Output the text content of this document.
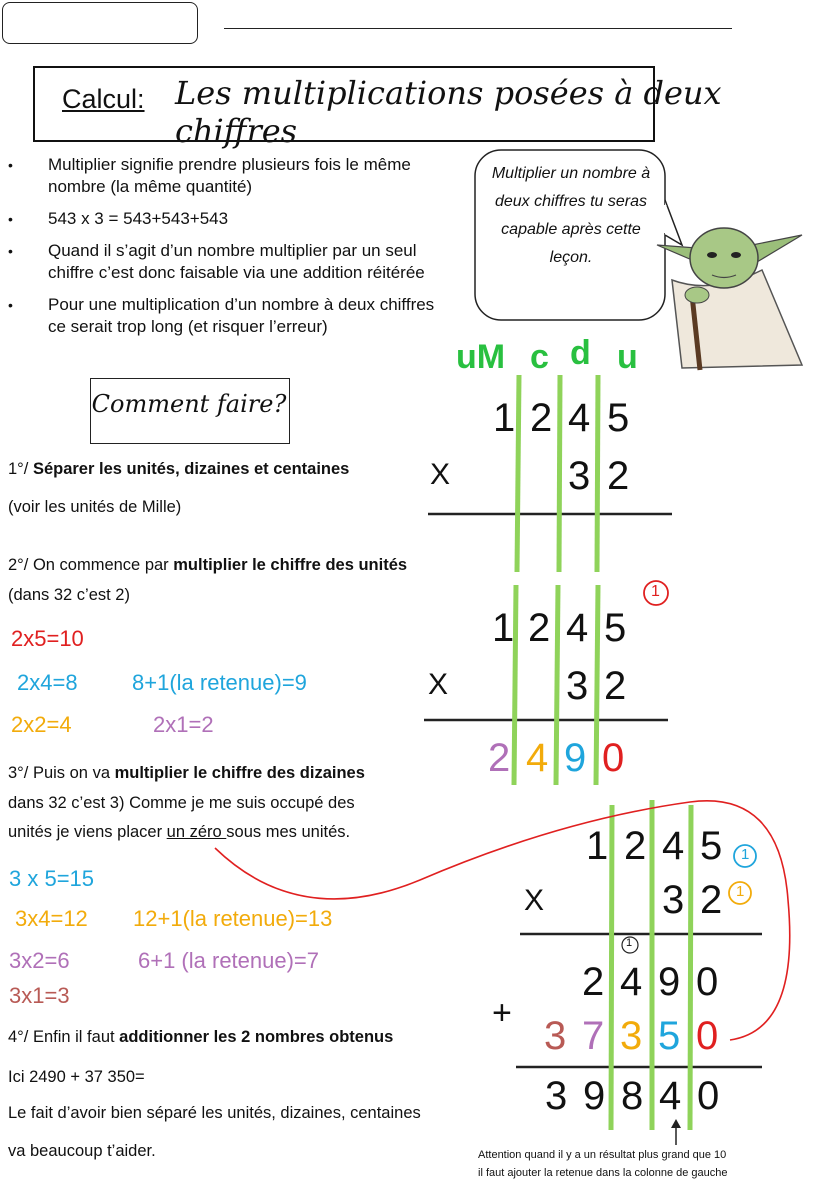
Calcul: Les multiplications posées à deux chiffres
• Multiplier signifie prendre plusieurs fois le même nombre (la même quantité)
• 543 x 3 = 543+543+543
• Quand il s’agit d’un nombre multiplier par un seul chiffre c’est donc faisable via une addition réitérée
• Pour une multiplication d’un nombre à deux chiffres ce serait trop long (et risquer l’erreur)
Multiplier un nombre à deux chiffres tu seras capable après cette leçon.
Comment faire?
1°/ Séparer les unités, dizaines et centaines
(voir les unités de Mille)
2°/ On commence par multiplier le chiffre des unités
(dans 32 c’est 2)
2x5=10
2x4=8 8+1(la retenue)=9
2x2=4	2x1=2
3°/ Puis on va multiplier le chiffre des dizaines
dans 32 c’est 3) Comme je me suis occupé des
unités je viens placer un zéro sous mes unités.
3 x 5=15
3x4=12 12+1(la retenue)=13
3x2=6	6+1 (la retenue)=7
3x1=3
4°/ Enfin il faut additionner les 2 nombres obtenus
Ici 2490 + 37 350=
Le fait d’avoir bien séparé les unités, dizaines, centaines
va beaucoup t’aider.
uM c d u
1 2 4 5
X	3 2
1
1 2 4 5
X	3 2
2 4 9 0
1
1
1
1 2 4 5
X	3 2
2 4 9 0
+
3 7 3 5 0
3 9 8 4 0
Attention quand il y a un résultat plus grand que 10
il faut ajouter la retenue dans la colonne de gauche
